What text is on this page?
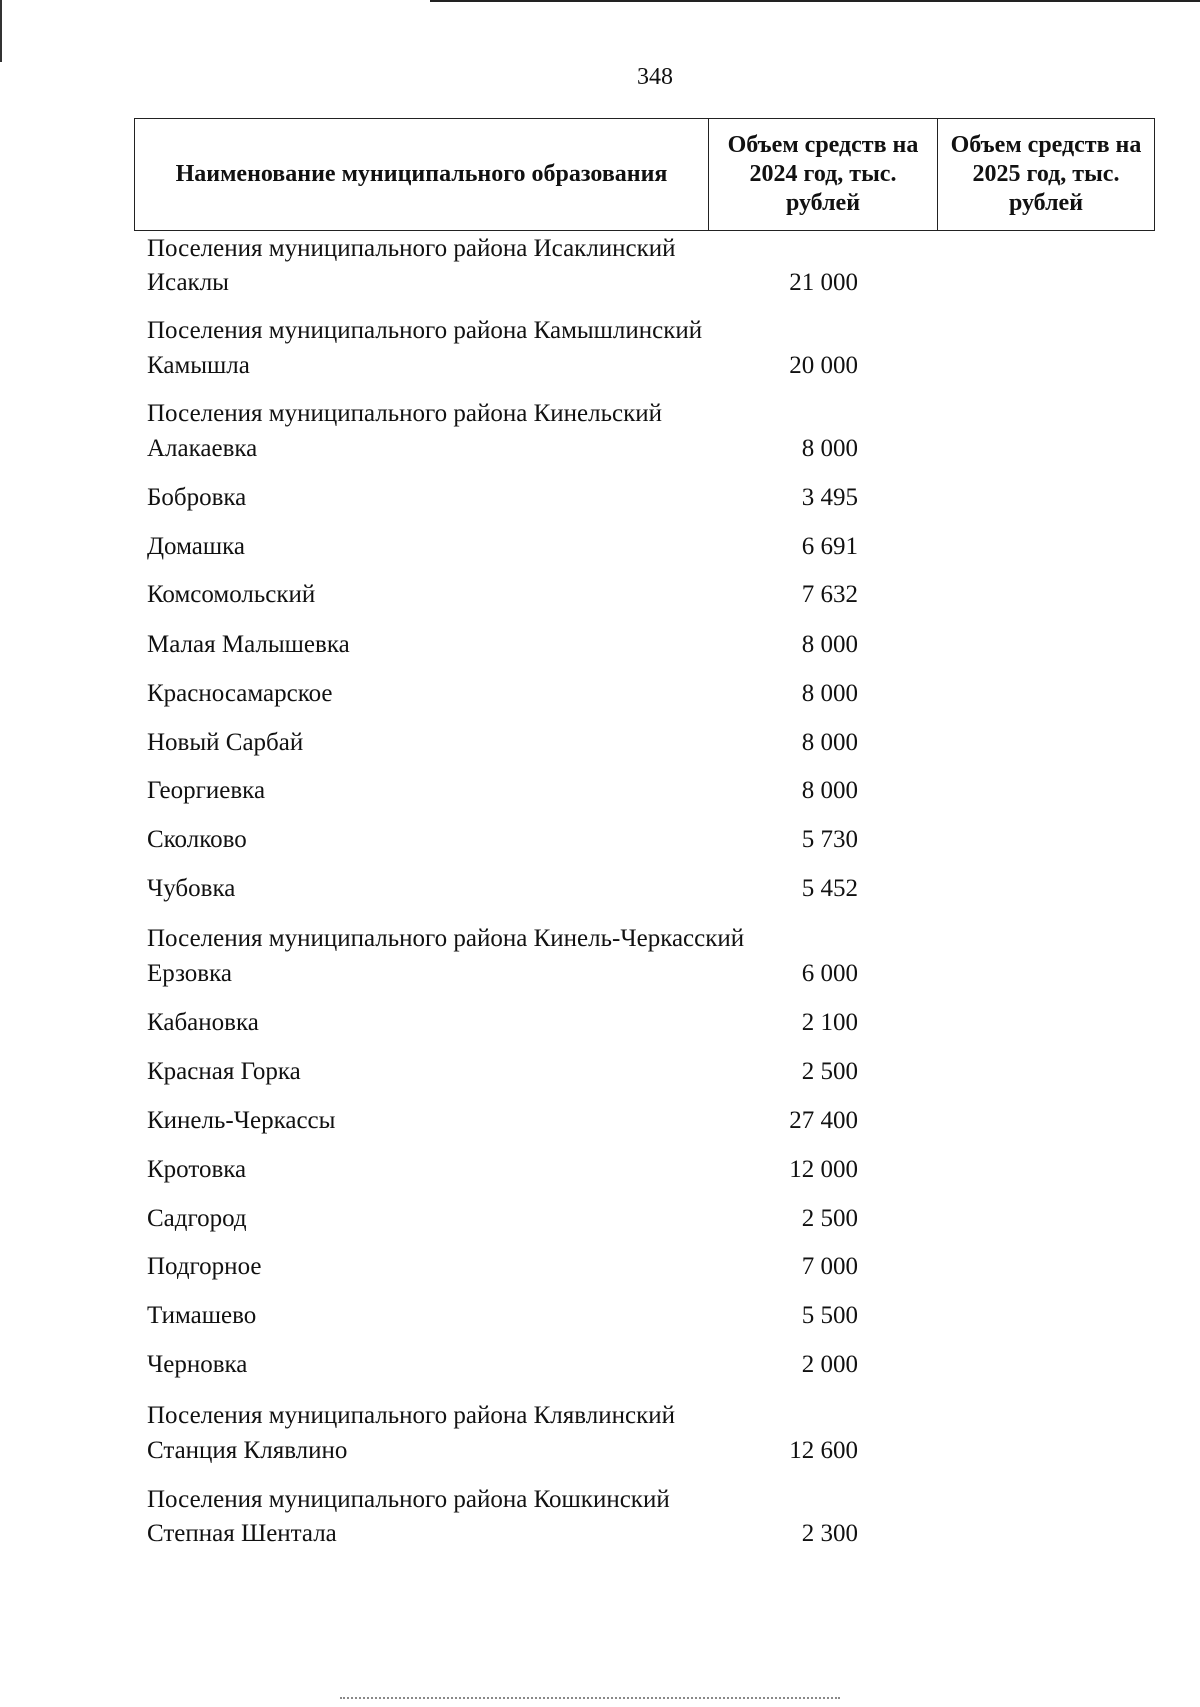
348
Наименование муниципального образования	Объем средств на 2024 год, тыс. рублей	Объем средств на 2025 год, тыс. рублей
Поселения муниципального района Исаклинский
Исаклы	21 000
Поселения муниципального района Камышлинский
Камышла	20 000
Поселения муниципального района Кинельский
Алакаевка	8 000
Бобровка	3 495
Домашка	6 691
Комсомольский	7 632
Малая Малышевка	8 000
Красносамарское	8 000
Новый Сарбай	8 000
Георгиевка	8 000
Сколково	5 730
Чубовка	5 452
Поселения муниципального района Кинель-Черкасский
Ерзовка	6 000
Кабановка	2 100
Красная Горка	2 500
Кинель-Черкассы	27 400
Кротовка	12 000
Садгород	2 500
Подгорное	7 000
Тимашево	5 500
Черновка	2 000
Поселения муниципального района Клявлинский
Станция Клявлино	12 600
Поселения муниципального района Кошкинский
Степная Шентала	2 300
